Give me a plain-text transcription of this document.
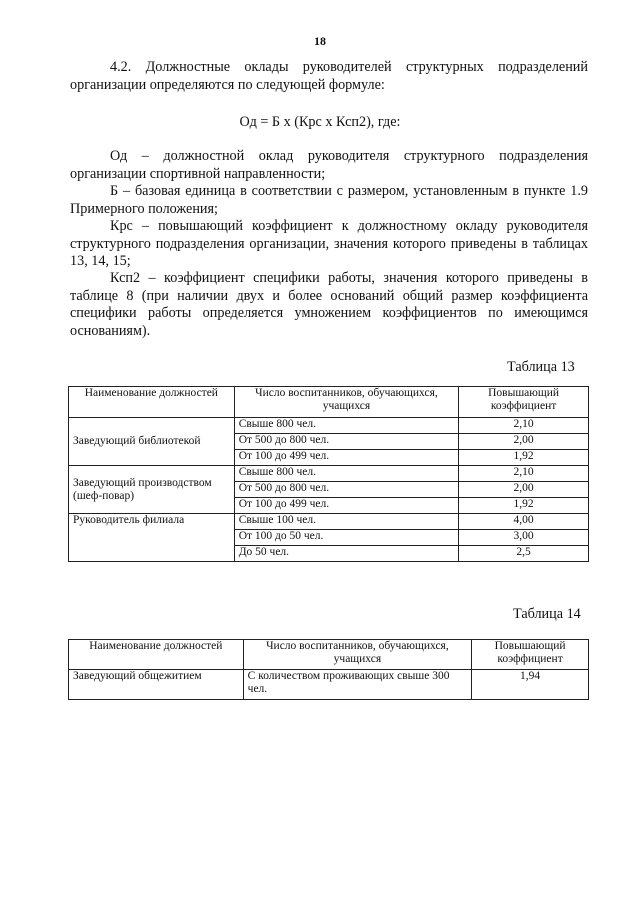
18
4.2. Должностные оклады руководителей структурных подразделений организации определяются по следующей формуле:
Од = Б х (Крс х Ксп2), где:
Од – должностной оклад руководителя структурного подразделения организации спортивной направленности;
Б – базовая единица в соответствии с размером, установленным в пункте 1.9 Примерного положения;
Крс – повышающий коэффициент к должностному окладу руководителя структурного подразделения организации, значения которого приведены в таблицах 13, 14, 15;
Ксп2 – коэффициент специфики работы, значения которого приведены в таблице 8 (при наличии двух и более оснований общий размер коэффициента специфики работы определяется умножением коэффициентов по имеющимся основаниям).
Таблица 13
Наименование должностей	Число воспитанников, обучающихся, учащихся	Повышающий коэффициент
Заведующий библиотекой	Свыше 800 чел.	2,10
	От 500 до 800 чел.	2,00
	От 100 до 499 чел.	1,92
Заведующий производством (шеф-повар)	Свыше 800 чел.	2,10
	От 500 до 800 чел.	2,00
	От 100 до 499 чел.	1,92
Руководитель филиала	Свыше 100 чел.	4,00
	От 100 до 50 чел.	3,00
	До 50 чел.	2,5
Таблица 14
Наименование должностей	Число воспитанников, обучающихся, учащихся	Повышающий коэффициент
Заведующий общежитием	С количеством проживающих свыше 300 чел.	1,94
